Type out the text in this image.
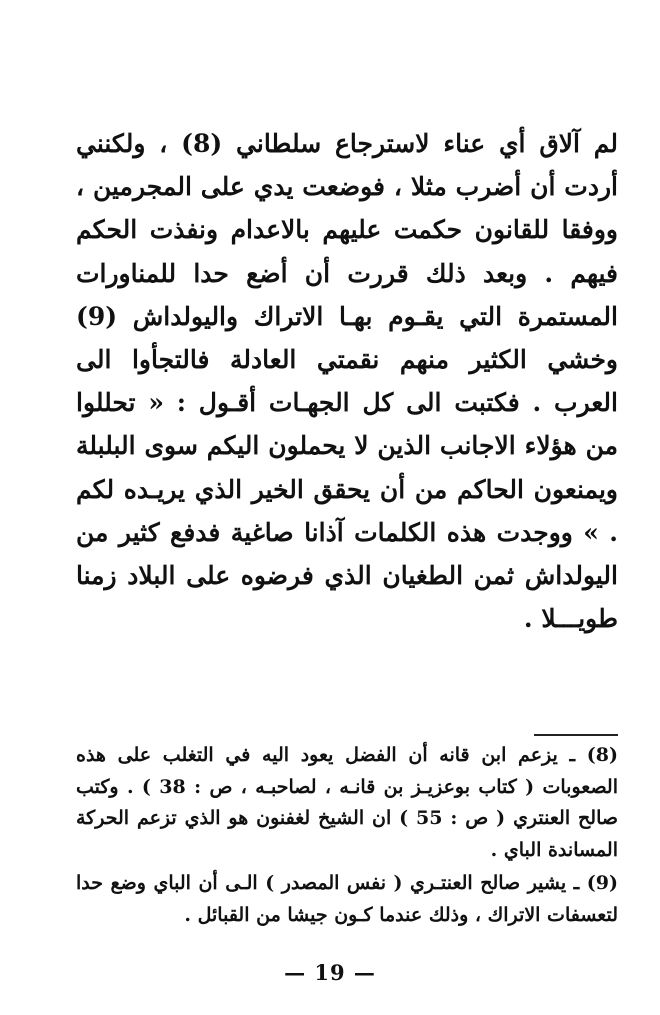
لم آلاق أي عناء لاسترجاع سلطاني (8) ، ولكنني أردت أن أضرب مثلا ، فوضعت يدي على المجرمين ، ووفقا للقانون حكمت عليهم بالاعدام ونفذت الحكم فيهم . وبعد ذلك قررت أن أضع حدا للمناورات المستمرة التي يقـوم بهـا الاتراك واليولداش (9) وخشي الكثير منهم نقمتي العادلة فالتجأوا الى العرب . فكتبت الى كل الجهـات أقـول : « تحللوا من هؤلاء الاجانب الذين لا يحملون اليكم سوى البلبلة ويمنعون الحاكم من أن يحقق الخير الذي يريـده لكم . » ووجدت هذه الكلمات آذانا صاغية فدفع كثير من اليولداش ثمن الطغيان الذي فرضوه على البلاد زمنا طويـــلا .

(8) ـ يزعم ابن قانه أن الفضل يعود اليه في التغلب على هذه الصعوبات ( كتاب بوعزيـز بن قانـه ، لصاحبـه ، ص : 38 ) . وكتب صالح العنتري ( ص : 55 ) ان الشيخ لغفنون هو الذي تزعم الحركة المساندة الباي .

(9) ـ يشير صالح العنتـري ( نفس المصدر ) الـى أن الباي وضع حدا لتعسفات الاتراك ، وذلك عندما كـون جيشا من القبائل .

— 19 —
